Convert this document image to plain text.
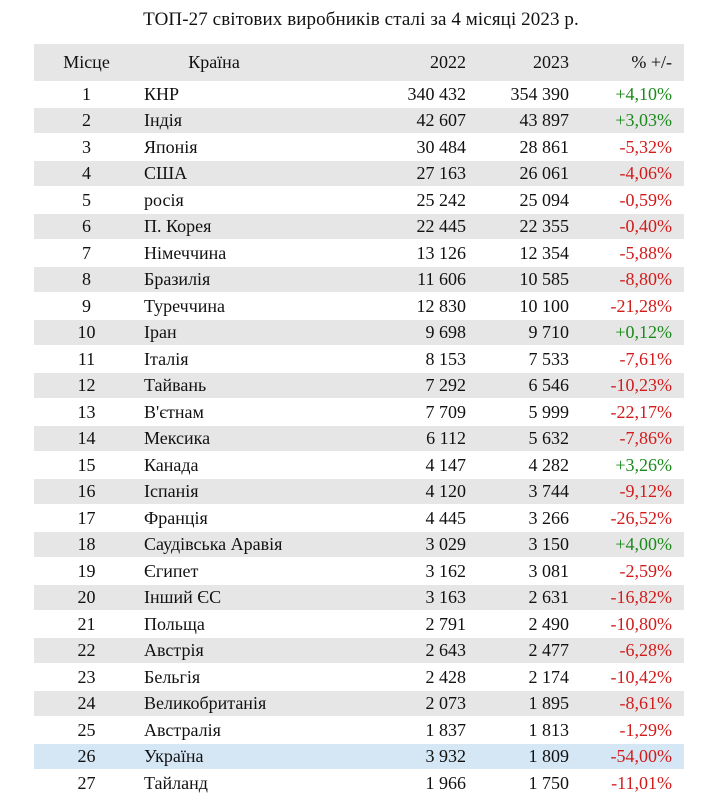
ТОП-27 світових виробників сталі за 4 місяці 2023 р.
Місце	Країна	2022	2023	% +/-
1	КНР	340 432	354 390	+4,10%
2	Індія	42 607	43 897	+3,03%
3	Японія	30 484	28 861	-5,32%
4	США	27 163	26 061	-4,06%
5	росія	25 242	25 094	-0,59%
6	П. Корея	22 445	22 355	-0,40%
7	Німеччина	13 126	12 354	-5,88%
8	Бразилія	11 606	10 585	-8,80%
9	Туреччина	12 830	10 100	-21,28%
10	Іран	9 698	9 710	+0,12%
11	Італія	8 153	7 533	-7,61%
12	Тайвань	7 292	6 546	-10,23%
13	В'єтнам	7 709	5 999	-22,17%
14	Мексика	6 112	5 632	-7,86%
15	Канада	4 147	4 282	+3,26%
16	Іспанія	4 120	3 744	-9,12%
17	Франція	4 445	3 266	-26,52%
18	Саудівська Аравія	3 029	3 150	+4,00%
19	Єгипет	3 162	3 081	-2,59%
20	Інший ЄС	3 163	2 631	-16,82%
21	Польща	2 791	2 490	-10,80%
22	Австрія	2 643	2 477	-6,28%
23	Бельгія	2 428	2 174	-10,42%
24	Великобританія	2 073	1 895	-8,61%
25	Австралія	1 837	1 813	-1,29%
26	Україна	3 932	1 809	-54,00%
27	Тайланд	1 966	1 750	-11,01%
